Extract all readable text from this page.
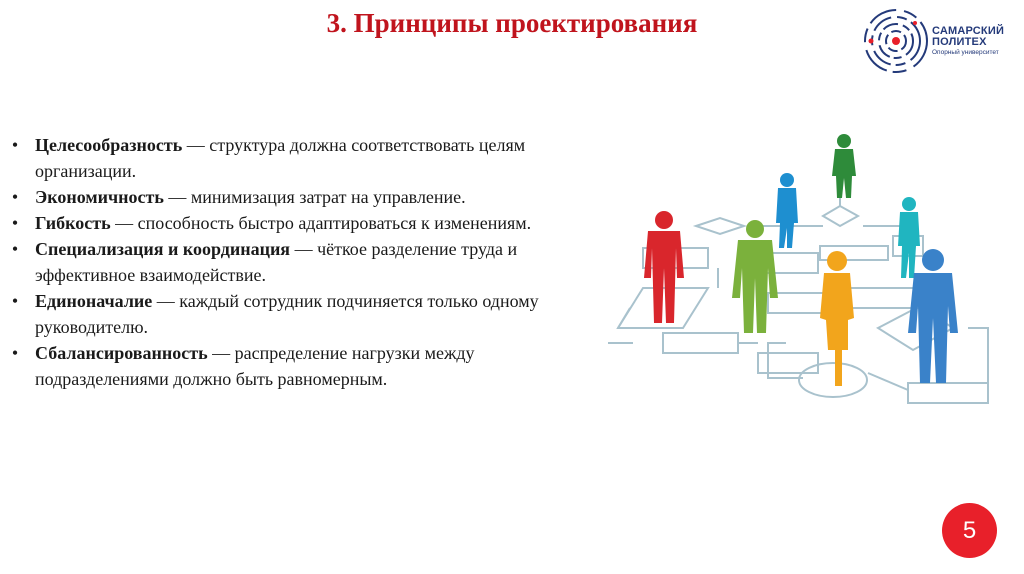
3. Принципы проектирования	САМАРСКИЙ
ПОЛИТЕХ
Опорный университет
• Целесообразность — структура должна соответствовать целям организации.
• Экономичность — минимизация затрат на управление.
• Гибкость — способность быстро адаптироваться к изменениям.
• Специализация и координация — чёткое разделение труда и эффективное взаимодействие.
• Единоначалие — каждый сотрудник подчиняется только одному руководителю.
• Сбалансированность — распределение нагрузки между подразделениями должно быть равномерным.
5
